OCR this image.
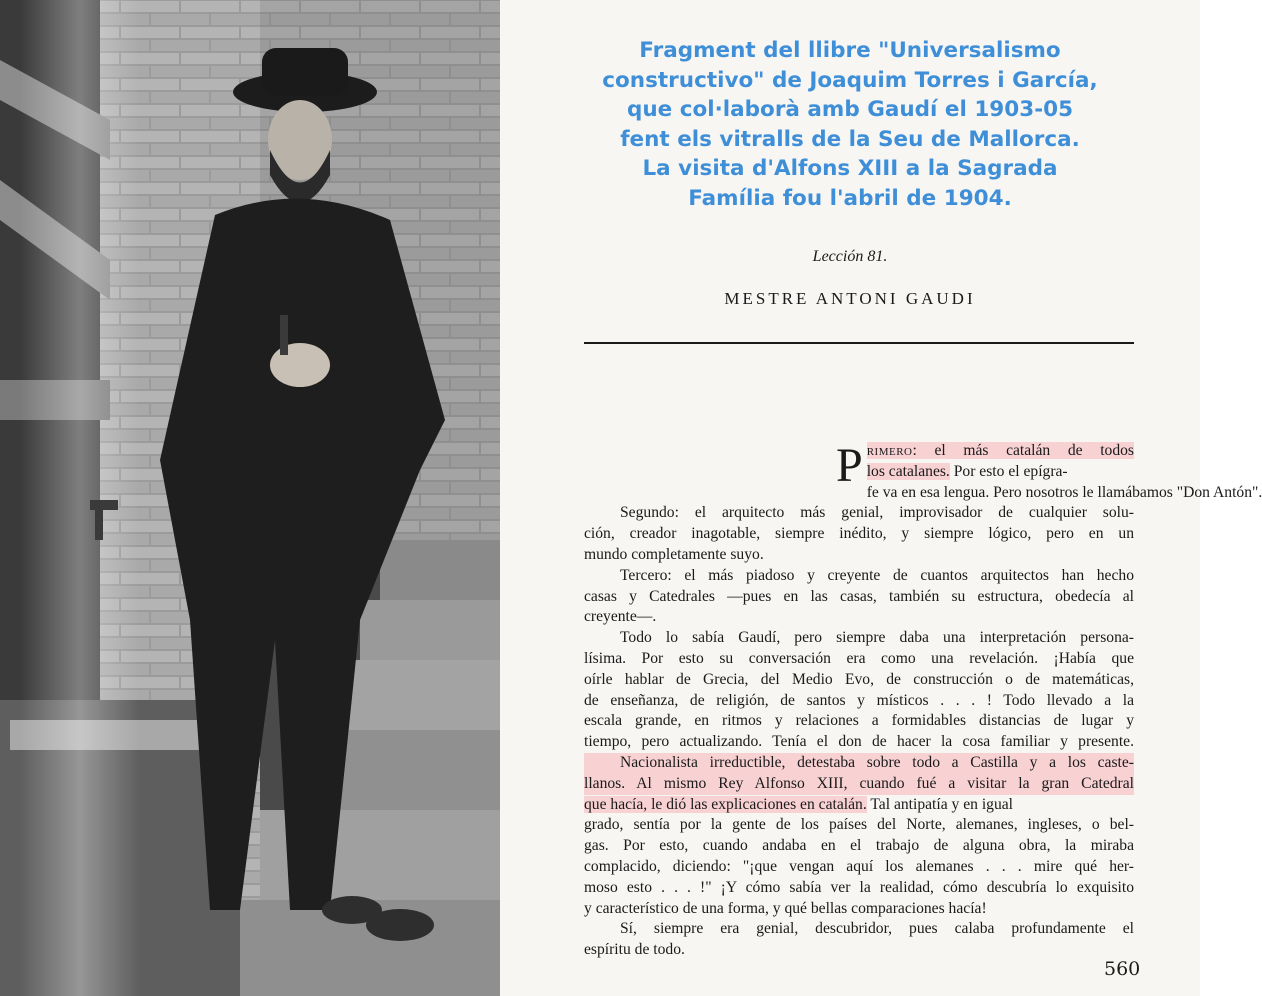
Fragment del llibre "Universalismo
constructivo" de Joaquim Torres i García,
que col·laborà amb Gaudí el 1903-05
fent els vitralls de la Seu de Mallorca.
La visita d'Alfons XIII a la Sagrada
Família fou l'abril de 1904.
Lección 81.
MESTRE ANTONI GAUDI
Primero: el más catalán de todos
los catalanes. Por esto el epígra-
fe va en esa lengua. Pero nosotros le llamábamos "Don Antón".
Segundo: el arquitecto más genial, improvisador de cualquier solu-
ción, creador inagotable, siempre inédito, y siempre lógico, pero en un
mundo completamente suyo.
Tercero: el más piadoso y creyente de cuantos arquitectos han hecho
casas y Catedrales —pues en las casas, también su estructura, obedecía al
creyente—.
Todo lo sabía Gaudí, pero siempre daba una interpretación persona-
lísima. Por esto su conversación era como una revelación. ¡Había que
oírle hablar de Grecia, del Medio Evo, de construcción o de matemáticas,
de enseñanza, de religión, de santos y místicos . . . ! Todo llevado a la
escala grande, en ritmos y relaciones a formidables distancias de lugar y
tiempo, pero actualizando. Tenía el don de hacer la cosa familiar y presente.
Nacionalista irreductible, detestaba sobre todo a Castilla y a los caste-
llanos. Al mismo Rey Alfonso XIII, cuando fué a visitar la gran Catedral
que hacía, le dió las explicaciones en catalán. Tal antipatía y en igual
grado, sentía por la gente de los países del Norte, alemanes, ingleses, o bel-
gas. Por esto, cuando andaba en el trabajo de alguna obra, la miraba
complacido, diciendo: "¡que vengan aquí los alemanes . . . mire qué her-
moso esto . . . !" ¡Y cómo sabía ver la realidad, cómo descubría lo exquisito
y característico de una forma, y qué bellas comparaciones hacía!
Sí, siempre era genial, descubridor, pues calaba profundamente el
espíritu de todo.
560
